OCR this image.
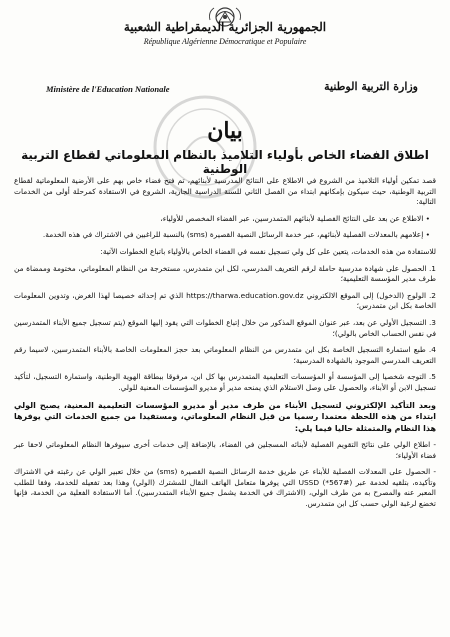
الجمهورية الجزائرية الديمقراطية الشعبية
République Algérienne Démocratique et Populaire
Ministère de l'Education Nationale	وزارة التربية الوطنية
بيان
اطلاق الفضاء الخاص بأولياء التلاميذ بالنظام المعلوماتي لقطاع التربية الوطنية

قصد تمكين أولياء التلاميذ من الشروع في الاطلاع على النتائج المدرسية لأبنائهم، تم فتح فضاء خاص بهم على الأرضية المعلوماتية لقطاع التربية الوطنية، حيث سيكون بإمكانهم ابتداء من الفصل الثاني للسنة الدراسية الجارية، الشروع في الاستفادة كمرحلة أولى من الخدمات التالية:

• الاطلاع عن بعد على النتائج الفصلية لأبنائهم المتمدرسين، عبر الفضاء المخصص للأولياء،

• إعلامهم بالمعدلات الفصلية لأبنائهم، عبر خدمة الرسائل النصية القصيرة (sms) بالنسبة للراغبين في الاشتراك في هذه الخدمة.

للاستفادة من هذه الخدمات، يتعين على كل ولي تسجيل نفسه في الفضاء الخاص بالأولياء باتباع الخطوات الآتية:

1. الحصول على شهادة مدرسية حاملة لرقم التعريف المدرسي، لكل ابن متمدرس، مستخرجة من النظام المعلوماتي، مختومة وممضاة من طرف مدير المؤسسة التعليمية؛

2. الولوج (الدخول) إلى الموقع الالكتروني https://tharwa.education.gov.dz الذي تم إحداثه خصيصا لهذا الغرض، وتدوين المعلومات الخاصة بكل ابن متمدرس؛

3. التسجيل الأولي عن بعد، عبر عنوان الموقع المذكور من خلال إتباع الخطوات التي يقود إليها الموقع (يتم تسجيل جميع الأبناء المتمدرسين في نفس الحساب الخاص بالولي)؛

4. طبع استمارة التسجيل الخاصة بكل ابن متمدرس من النظام المعلوماتي بعد حجز المعلومات الخاصة بالأبناء المتمدرسين، لاسيما رقم التعريف المدرسي الموجود بالشهادة المدرسية؛

5. التوجه شخصيا إلى المؤسسة أو المؤسسات التعليمية المتمدرس بها كل ابن، مرفوقا ببطاقة الهوية الوطنية، واستمارة التسجيل، لتأكيد تسجيل الابن أو الأبناء، والحصول على وصل الاستلام الذي يمنحه مدير أو مديرو المؤسسات المعنية للولي.

وبعد التأكيد الإلكتروني لتسجيل الأبناء من طرف مدير أو مديرو المؤسسات التعليمية المعنية، يصبح الولي ابتداء من هذه اللحظة معتمدا رسميا من قبل النظام المعلوماتي، ومستفيدا من جميع الخدمات التي يوفرها هذا النظام والمتمثلة حاليا فيما يلي:

- اطلاع الولي على نتائج التقويم الفصلية لأبنائه المسجلين في الفضاء، بالإضافة إلى خدمات أخرى سيوفرها النظام المعلوماتي لاحقا عبر فضاء الأولياء؛

- الحصول على المعدلات الفصلية للأبناء عن طريق خدمة الرسائل النصية القصيرة (sms) من خلال تعبير الولي عن رغبته في الاشتراك وتأكيده، بتلقيه لخدمة عبر USSD (*567#) التي يوفرها متعامل الهاتف النقال للمشترك (الولي) وهذا بعد تفعيله للخدمة، وفقا للطلب المعبر عنه والمصرح به من طرف الولي، (الاشتراك في الخدمة يشمل جميع الأبناء المتمدرسين). أما الاستفادة الفعلية من الخدمة، فإنها تخضع لرغبة الولي حسب كل ابن متمدرس.
